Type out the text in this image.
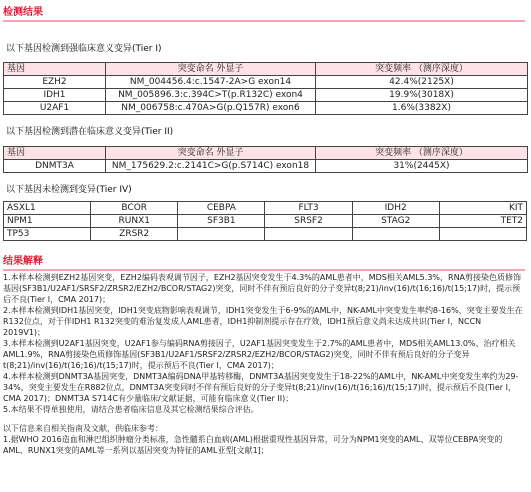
检测结果
以下基因检测到强临床意义变异(Tier I)
基因	突变命名 外显子	突变频率 （测序深度）
EZH2	NM_004456.4:c.1547-2A>G exon14	42.4%(2125X)
IDH1	NM_005896.3:c.394C>T(p.R132C) exon4	19.9%(3018X)
U2AF1	NM_006758:c.470A>G(p.Q157R) exon6	1.6%(3382X)
以下基因检测到潜在临床意义变异(Tier II)
基因	突变命名 外显子	突变频率 （测序深度）
DNMT3A	NM_175629.2:c.2141C>G(p.S714C) exon18	31%(2445X)
以下基因未检测到变异(Tier IV)
ASXL1	BCOR	CEBPA	FLT3	IDH2	KIT
NPM1	RUNX1	SF3B1	SRSF2	STAG2	TET2
TP53	ZRSR2				
结果解释

1.本样本检测到EZH2基因突变，EZH2编码表观调节因子，EZH2基因突变发生于4.3%的AML患者中，MDS相关AML5.3%，RNA剪接染色质修饰基因(SF3B1/U2AF1/SRSF2/ZRSR2/EZH2/BCOR/STAG2)突变，同时不伴有预后良好的分子变异t(8;21)/inv(16)/t(16;16)/t(15;17)时，提示预后不良(Tier I，CMA 2017)；

2.本样本检测到IDH1基因突变，IDH1突变底物影响表观调节，IDH1突变发生于6-9%的AML中，NK-AML中突变发生率约8-16%，突变主要发生在R132位点，对于伴IDH1 R132突变的难治复发成人AML患者，IDH1抑制剂提示存在疗效，IDH1预后意义尚未达成共识(Tier I，NCCN 2019V1)；

3.本样本检测到U2AF1基因突变，U2AF1参与编码RNA剪接因子，U2AF1基因突变发生于2.7%的AML患者中，MDS相关AML13.0%、治疗相关AML1.9%，RNA剪接染色质修饰基因(SF3B1/U2AF1/SRSF2/ZRSR2/EZH2/BCOR/STAG2)突变，同时不伴有预后良好的分子变异t(8;21)/inv(16)/t(16;16)/t(15;17)时，提示预后不良(Tier I，CMA 2017)；

4.本样本检测到DNMT3A基因突变，DNMT3A编码DNA甲基转移酶，DNMT3A基因突变发生于18-22%的AML中，NK-AML中突变发生率约为29-34%，突变主要发生在R882位点，DNMT3A突变同时不伴有预后良好的分子变异t(8;21)/inv(16)/t(16;16)/t(15;17)时，提示预后不良(Tier I，CMA 2017)；DNMT3A S714C有少量临床/文献证据，可能有临床意义(Tier II)；

5.本结果不得单独使用，请结合患者临床信息及其它检测结果综合评估。

以下信息来自相关指南及文献，供临床参考：

1.据WHO 2016造血和淋巴组织肿瘤分类标准，急性髓系白血病(AML)根据重现性基因异常，可分为NPM1突变的AML、双等位CEBPA突变的AML、RUNX1突变的AML等一系列以基因突变为特征的AML亚型[文献1]；
